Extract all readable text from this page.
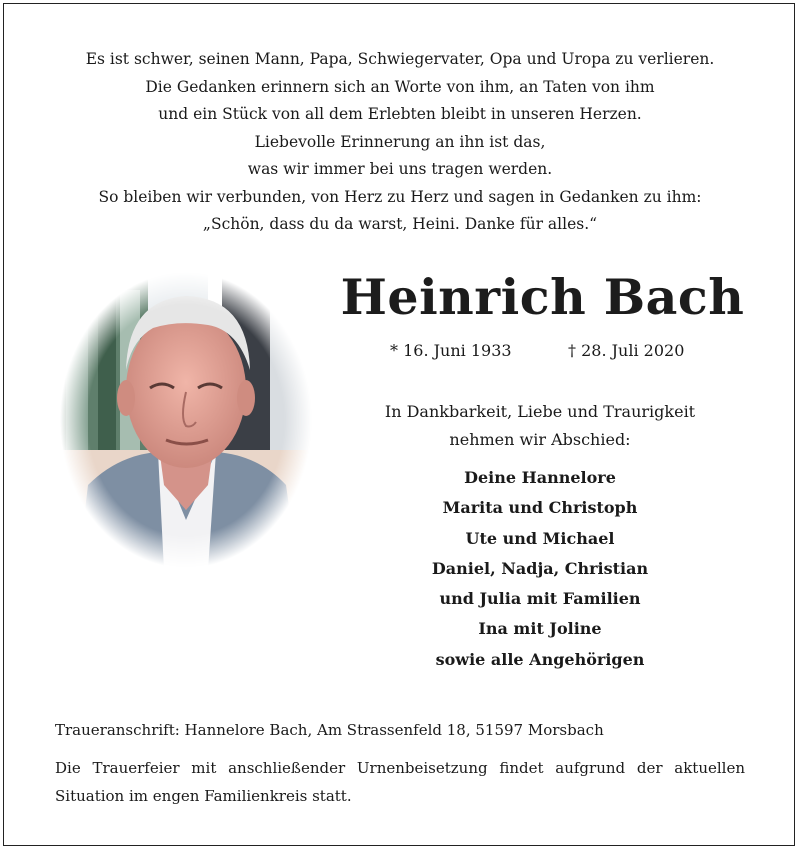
Es ist schwer, seinen Mann, Papa, Schwiegervater, Opa und Uropa zu verlieren.
Die Gedanken erinnern sich an Worte von ihm, an Taten von ihm
und ein Stück von all dem Erlebten bleibt in unseren Herzen.
Liebevolle Erinnerung an ihn ist das,
was wir immer bei uns tragen werden.
So bleiben wir verbunden, von Herz zu Herz und sagen in Gedanken zu ihm:
„Schön, dass du da warst, Heini. Danke für alles.“
Heinrich Bach
* 16. Juni 1933	† 28. Juli 2020
In Dankbarkeit, Liebe und Traurigkeit
nehmen wir Abschied:
Deine Hannelore
Marita und Christoph
Ute und Michael
Daniel, Nadja, Christian
und Julia mit Familien
Ina mit Joline
sowie alle Angehörigen
Traueranschrift: Hannelore Bach, Am Strassenfeld 18, 51597 Morsbach
Die Trauerfeier mit anschließender Urnenbeisetzung findet aufgrund der aktuellen Situation im engen Familienkreis statt.
